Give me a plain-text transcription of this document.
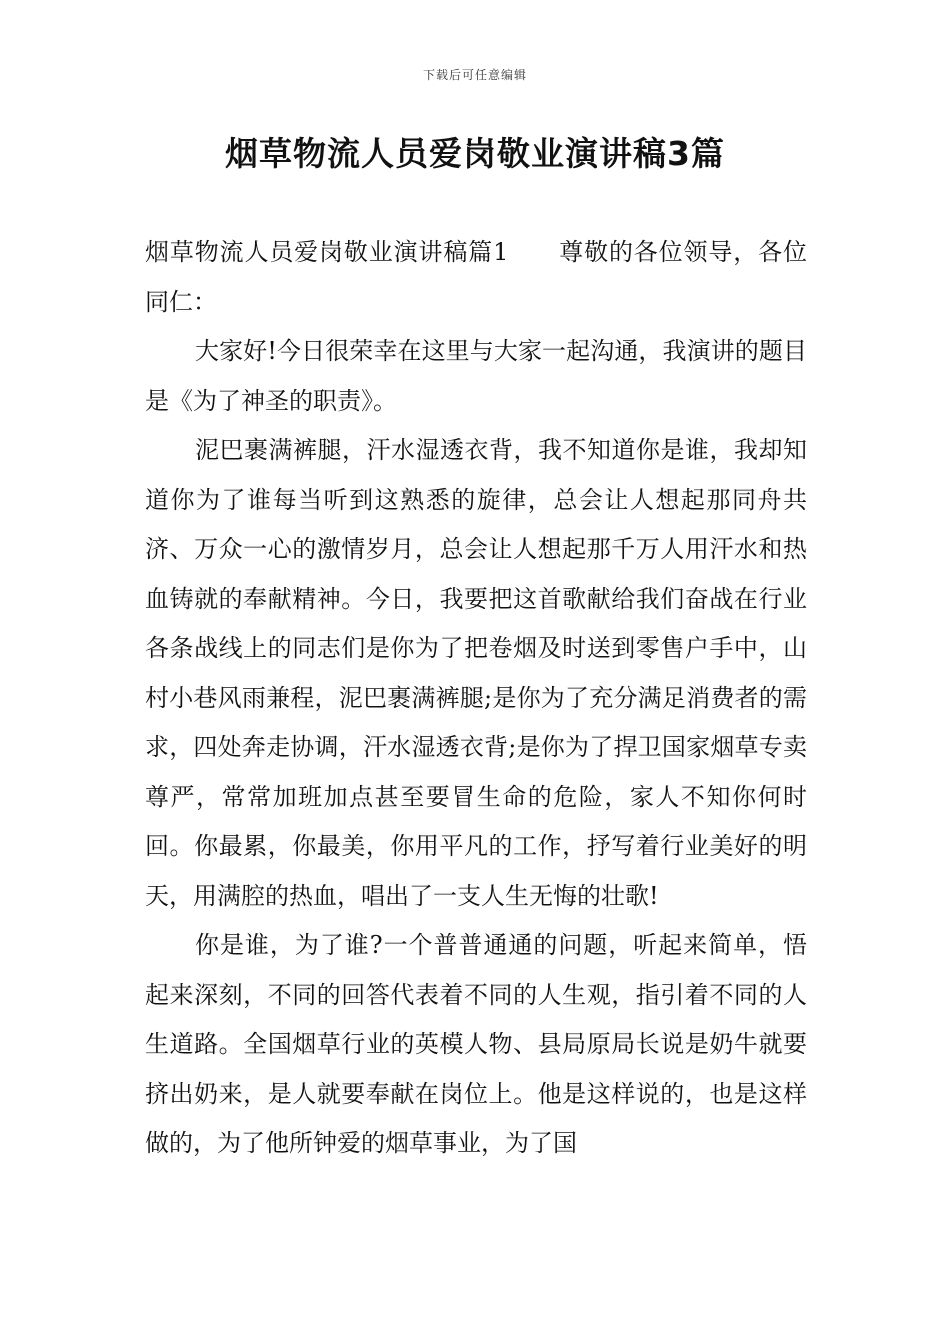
下载后可任意编辑
烟草物流人员爱岗敬业演讲稿3篇

烟草物流人员爱岗敬业演讲稿篇1 尊敬的各位领导，各位同仁：

大家好!今日很荣幸在这里与大家一起沟通，我演讲的题目是《为了神圣的职责》。

泥巴裹满裤腿，汗水湿透衣背，我不知道你是谁，我却知道你为了谁每当听到这熟悉的旋律，总会让人想起那同舟共济、万众一心的激情岁月，总会让人想起那千万人用汗水和热血铸就的奉献精神。今日，我要把这首歌献给我们奋战在行业各条战线上的同志们是你为了把卷烟及时送到零售户手中，山村小巷风雨兼程，泥巴裹满裤腿;是你为了充分满足消费者的需求，四处奔走协调，汗水湿透衣背;是你为了捍卫国家烟草专卖尊严，常常加班加点甚至要冒生命的危险，家人不知你何时回。你最累，你最美，你用平凡的工作，抒写着行业美好的明天，用满腔的热血，唱出了一支人生无悔的壮歌!

你是谁，为了谁?一个普普通通的问题，听起来简单，悟起来深刻，不同的回答代表着不同的人生观，指引着不同的人生道路。全国烟草行业的英模人物、县局原局长说是奶牛就要挤出奶来，是人就要奉献在岗位上。他是这样说的，也是这样做的，为了他所钟爱的烟草事业，为了国
